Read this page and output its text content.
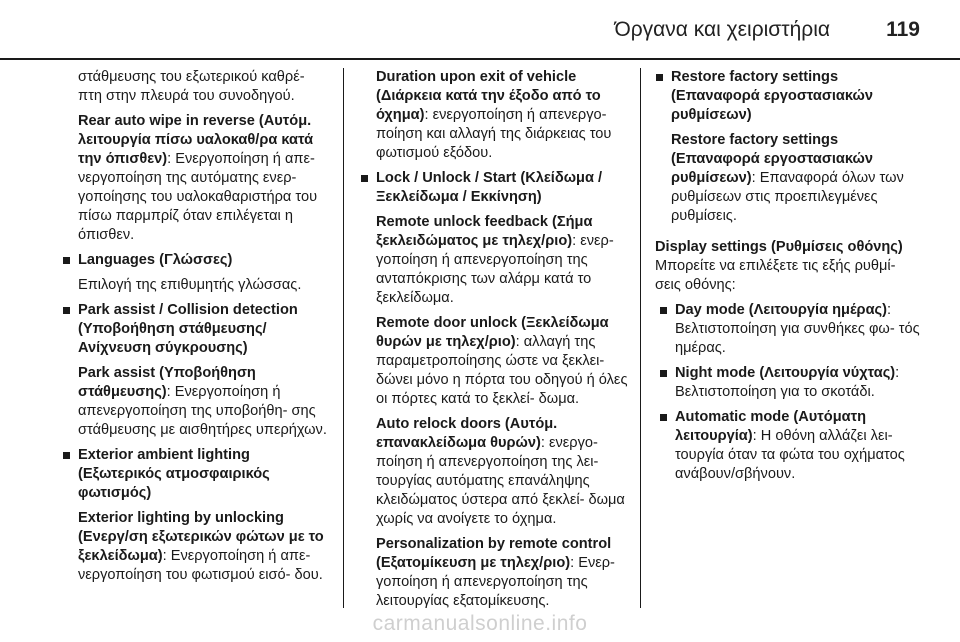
Όργανα και χειριστήρια	119
στάθμευσης του εξωτερικού καθρέ- πτη στην πλευρά του συνοδηγού.
Rear auto wipe in reverse (Αυτόμ. λειτουργία πίσω υαλοκαθ/ρα κατά την όπισθεν): Ενεργοποίηση ή απε- νεργοποίηση της αυτόματης ενερ- γοποίησης του υαλοκαθαριστήρα του πίσω παρμπρίζ όταν επιλέγεται η όπισθεν.
Languages (Γλώσσες)
Επιλογή της επιθυμητής γλώσσας.
Park assist / Collision detection (Υποβοήθηση στάθμευσης/ Ανίχνευση σύγκρουσης)
Park assist (Υποβοήθηση στάθμευσης): Ενεργοποίηση ή απενεργοποίηση της υποβοήθη- σης στάθμευσης με αισθητήρες υπερήχων.
Exterior ambient lighting (Εξωτερικός ατμοσφαιρικός φωτισμός)
Exterior lighting by unlocking (Ενεργ/ση εξωτερικών φώτων με το ξεκλείδωμα): Ενεργοποίηση ή απε- νεργοποίηση του φωτισμού εισό- δου.
Duration upon exit of vehicle (Διάρκεια κατά την έξοδο από το όχημα): ενεργοποίηση ή απενεργο- ποίηση και αλλαγή της διάρκειας του φωτισμού εξόδου.
Lock / Unlock / Start (Κλείδωμα / Ξεκλείδωμα / Εκκίνηση)
Remote unlock feedback (Σήμα ξεκλειδώματος με τηλεχ/ριο): ενερ- γοποίηση ή απενεργοποίηση της ανταπόκρισης των αλάρμ κατά το ξεκλείδωμα.
Remote door unlock (Ξεκλείδωμα θυρών με τηλεχ/ριο): αλλαγή της παραμετροποίησης ώστε να ξεκλει- δώνει μόνο η πόρτα του οδηγού ή όλες οι πόρτες κατά το ξεκλεί- δωμα.
Auto relock doors (Αυτόμ. επανακλείδωμα θυρών): ενεργο- ποίηση ή απενεργοποίηση της λει- τουργίας αυτόματης επανάληψης κλειδώματος ύστερα από ξεκλεί- δωμα χωρίς να ανοίγετε το όχημα.
Personalization by remote control (Εξατομίκευση με τηλεχ/ριο): Ενερ- γοποίηση ή απενεργοποίηση της λειτουργίας εξατομίκευσης.
Restore factory settings (Επαναφορά εργοστασιακών ρυθμίσεων)
Restore factory settings (Επαναφορά εργοστασιακών ρυθμίσεων): Επαναφορά όλων των ρυθμίσεων στις προεπιλεγμένες ρυθμίσεις.
Display settings (Ρυθμίσεις οθόνης)
Μπορείτε να επιλέξετε τις εξής ρυθμί- σεις οθόνης:
Day mode (Λειτουργία ημέρας): Βελτιστοποίηση για συνθήκες φω- τός ημέρας.
Night mode (Λειτουργία νύχτας): Βελτιστοποίηση για το σκοτάδι.
Automatic mode (Αυτόματη λειτουργία): Η οθόνη αλλάζει λει- τουργία όταν τα φώτα του οχήματος ανάβουν/σβήνουν.
carmanualsonline.info
